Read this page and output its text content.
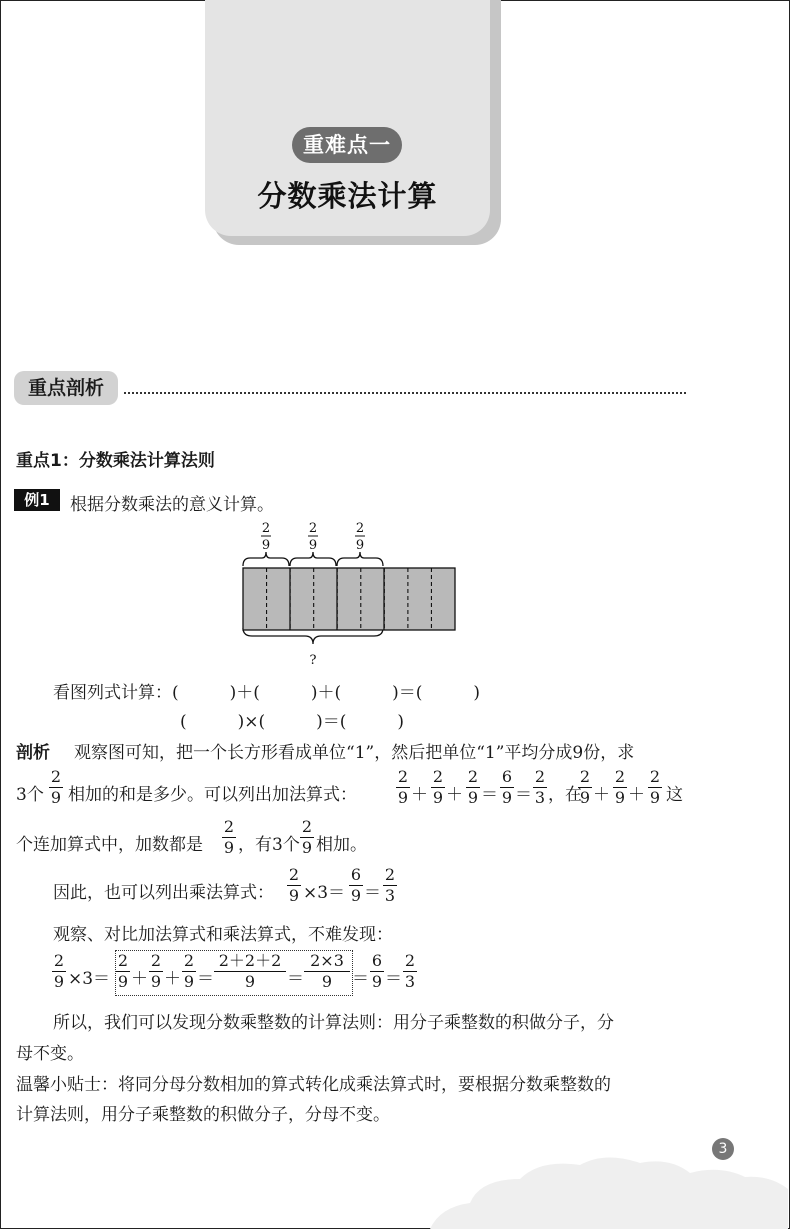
重难点一
分数乘法计算
重点剖析
重点1：分数乘法计算法则
例1	根据分数乘法的意义计算。
2
9
2
9
2
9
?
看图列式计算：(　　　)＋(　　　)＋(　　　)＝(　　　)
(　　　)×(　　　)＝(　　　)
剖析 观察图可知，把一个长方形看成单位“1”，然后把单位“1”平均分成9份，求
3个
2
9 相加的和是多少。可以列出加法算式：
2
9 ＋
2
9 ＋
2
9 ＝
6
9 ＝
2
3 ，在
2
9 ＋
2
9 ＋
2
9 这
个连加算式中，加数都是
2
9 ，有3个
2
9 相加。
因此，也可以列出乘法算式：
2
9 ×3＝
6
9 ＝
2
3
观察、对比加法算式和乘法算式，不难发现：
2
9 ×3＝
2
9 ＋
2
9 ＋
2
9 ＝
2＋2＋2
9	＝
2×3
9	＝
6
9 ＝
2
3
所以，我们可以发现分数乘整数的计算法则：用分子乘整数的积做分子，分
母不变。
温馨小贴士：将同分母分数相加的算式转化成乘法算式时，要根据分数乘整数的
计算法则，用分子乘整数的积做分子，分母不变。
3
